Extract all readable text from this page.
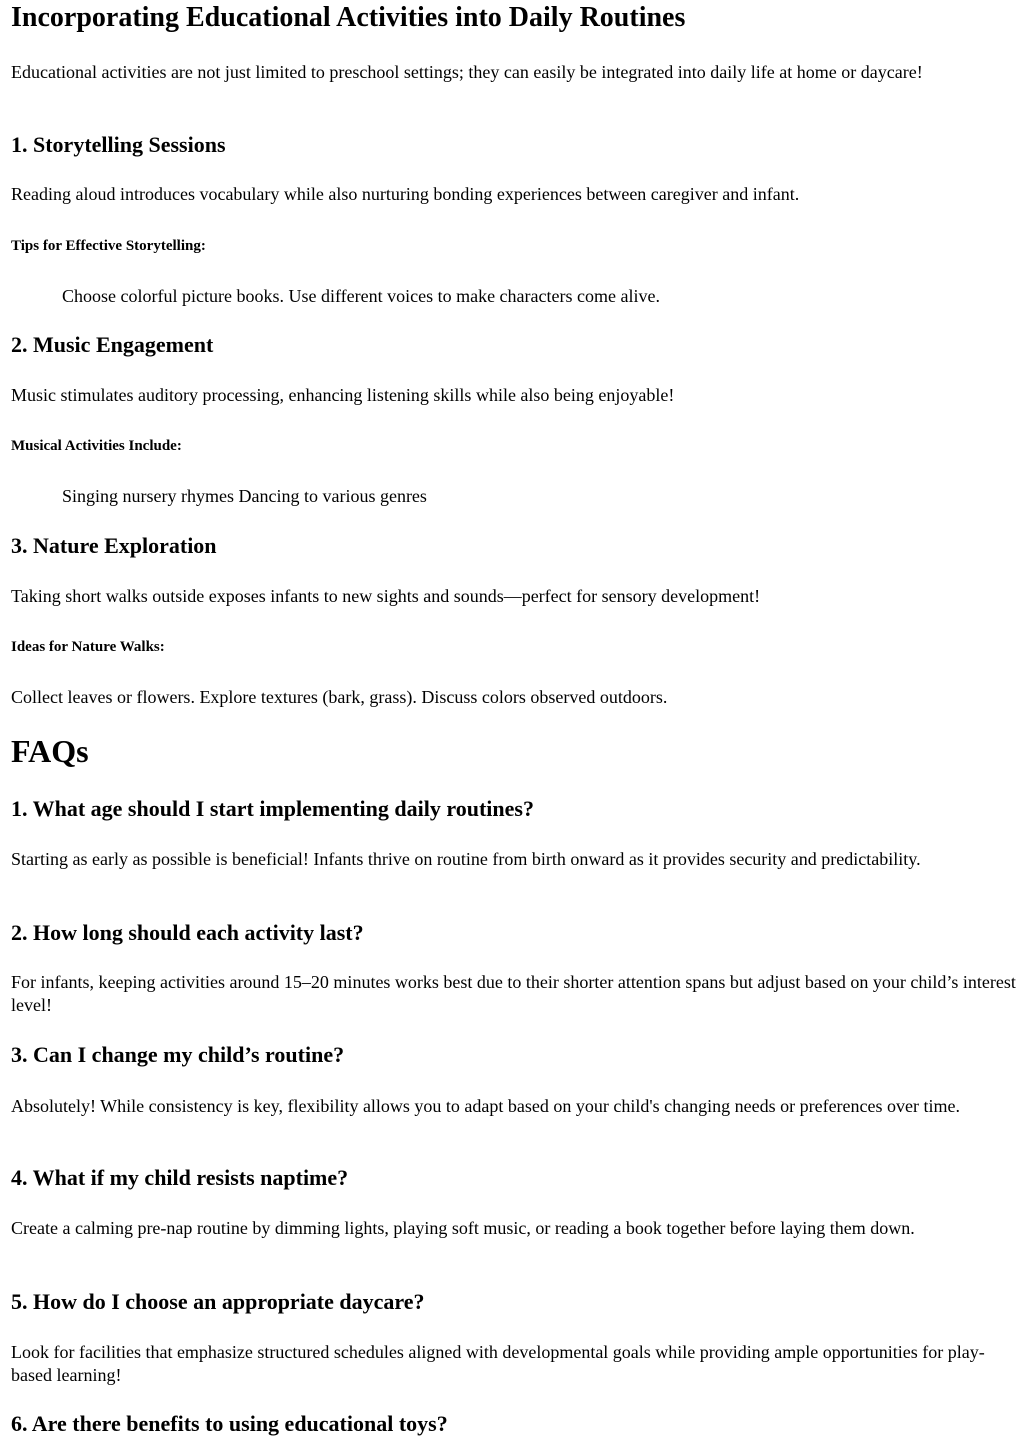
Incorporating Educational Activities into Daily Routines

Educational activities are not just limited to preschool settings; they can easily be integrated into daily life at home or daycare!

1. Storytelling Sessions

Reading aloud introduces vocabulary while also nurturing bonding experiences between caregiver and infant.

Tips for Effective Storytelling:

Choose colorful picture books. Use different voices to make characters come alive.

2. Music Engagement

Music stimulates auditory processing, enhancing listening skills while also being enjoyable!

Musical Activities Include:

Singing nursery rhymes Dancing to various genres

3. Nature Exploration

Taking short walks outside exposes infants to new sights and sounds—perfect for sensory development!

Ideas for Nature Walks:

Collect leaves or flowers. Explore textures (bark, grass). Discuss colors observed outdoors.

FAQs
1. What age should I start implementing daily routines?

Starting as early as possible is beneficial! Infants thrive on routine from birth onward as it provides security and predictability.

2. How long should each activity last?

For infants, keeping activities around 15–20 minutes works best due to their shorter attention spans but adjust based on your child’s interest level!

3. Can I change my child’s routine?

Absolutely! While consistency is key, flexibility allows you to adapt based on your child's changing needs or preferences over time.

4. What if my child resists naptime?

Create a calming pre-nap routine by dimming lights, playing soft music, or reading a book together before laying them down.

5. How do I choose an appropriate daycare?

Look for facilities that emphasize structured schedules aligned with developmental goals while providing ample opportunities for play-based learning!

6. Are there benefits to using educational toys?
